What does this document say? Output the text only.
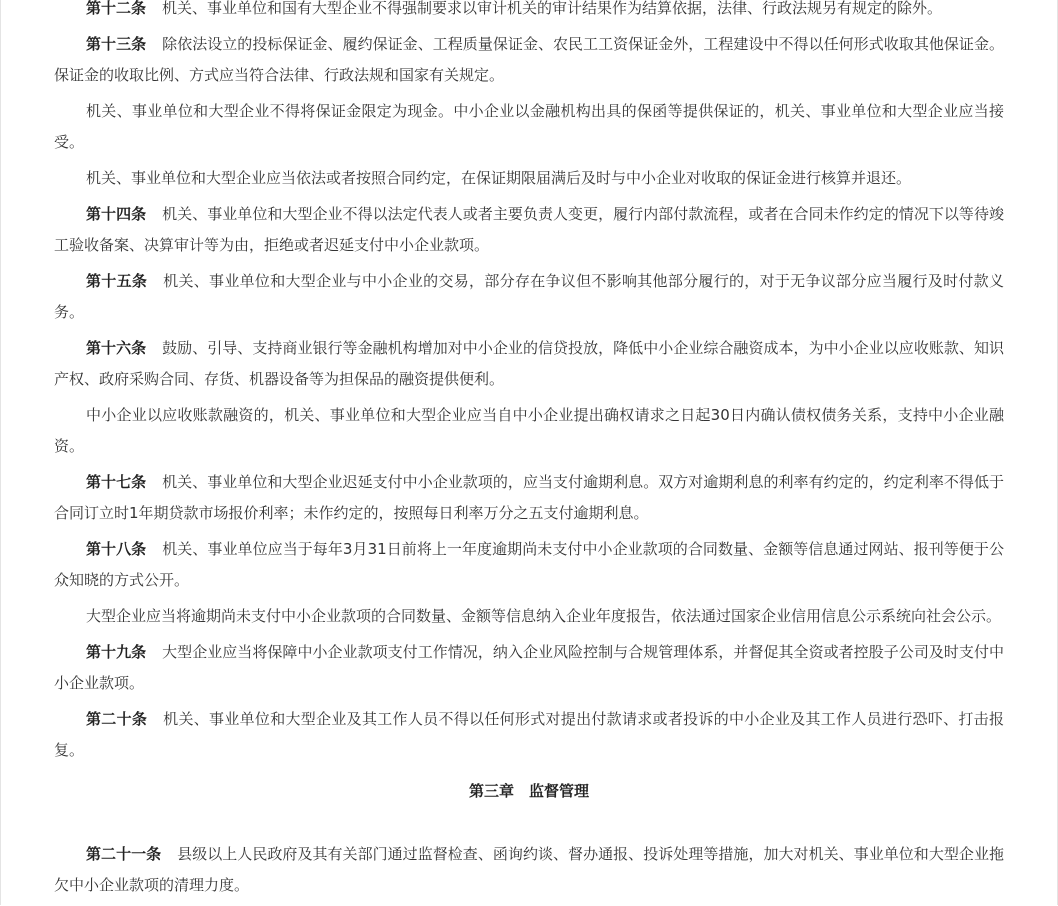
第十二条 机关、事业单位和国有大型企业不得强制要求以审计机关的审计结果作为结算依据，法律、行政法规另有规定的除外。

第十三条 除依法设立的投标保证金、履约保证金、工程质量保证金、农民工工资保证金外，工程建设中不得以任何形式收取其他保证金。保证金的收取比例、方式应当符合法律、行政法规和国家有关规定。

机关、事业单位和大型企业不得将保证金限定为现金。中小企业以金融机构出具的保函等提供保证的，机关、事业单位和大型企业应当接受。

机关、事业单位和大型企业应当依法或者按照合同约定，在保证期限届满后及时与中小企业对收取的保证金进行核算并退还。

第十四条 机关、事业单位和大型企业不得以法定代表人或者主要负责人变更，履行内部付款流程，或者在合同未作约定的情况下以等待竣工验收备案、决算审计等为由，拒绝或者迟延支付中小企业款项。

第十五条 机关、事业单位和大型企业与中小企业的交易，部分存在争议但不影响其他部分履行的，对于无争议部分应当履行及时付款义务。

第十六条 鼓励、引导、支持商业银行等金融机构增加对中小企业的信贷投放，降低中小企业综合融资成本，为中小企业以应收账款、知识产权、政府采购合同、存货、机器设备等为担保品的融资提供便利。

中小企业以应收账款融资的，机关、事业单位和大型企业应当自中小企业提出确权请求之日起30日内确认债权债务关系，支持中小企业融资。

第十七条 机关、事业单位和大型企业迟延支付中小企业款项的，应当支付逾期利息。双方对逾期利息的利率有约定的，约定利率不得低于合同订立时1年期贷款市场报价利率；未作约定的，按照每日利率万分之五支付逾期利息。

第十八条 机关、事业单位应当于每年3月31日前将上一年度逾期尚未支付中小企业款项的合同数量、金额等信息通过网站、报刊等便于公众知晓的方式公开。

大型企业应当将逾期尚未支付中小企业款项的合同数量、金额等信息纳入企业年度报告，依法通过国家企业信用信息公示系统向社会公示。

第十九条 大型企业应当将保障中小企业款项支付工作情况，纳入企业风险控制与合规管理体系，并督促其全资或者控股子公司及时支付中小企业款项。

第二十条 机关、事业单位和大型企业及其工作人员不得以任何形式对提出付款请求或者投诉的中小企业及其工作人员进行恐吓、打击报复。

第三章　监督管理

第二十一条 县级以上人民政府及其有关部门通过监督检查、函询约谈、督办通报、投诉处理等措施，加大对机关、事业单位和大型企业拖欠中小企业款项的清理力度。
